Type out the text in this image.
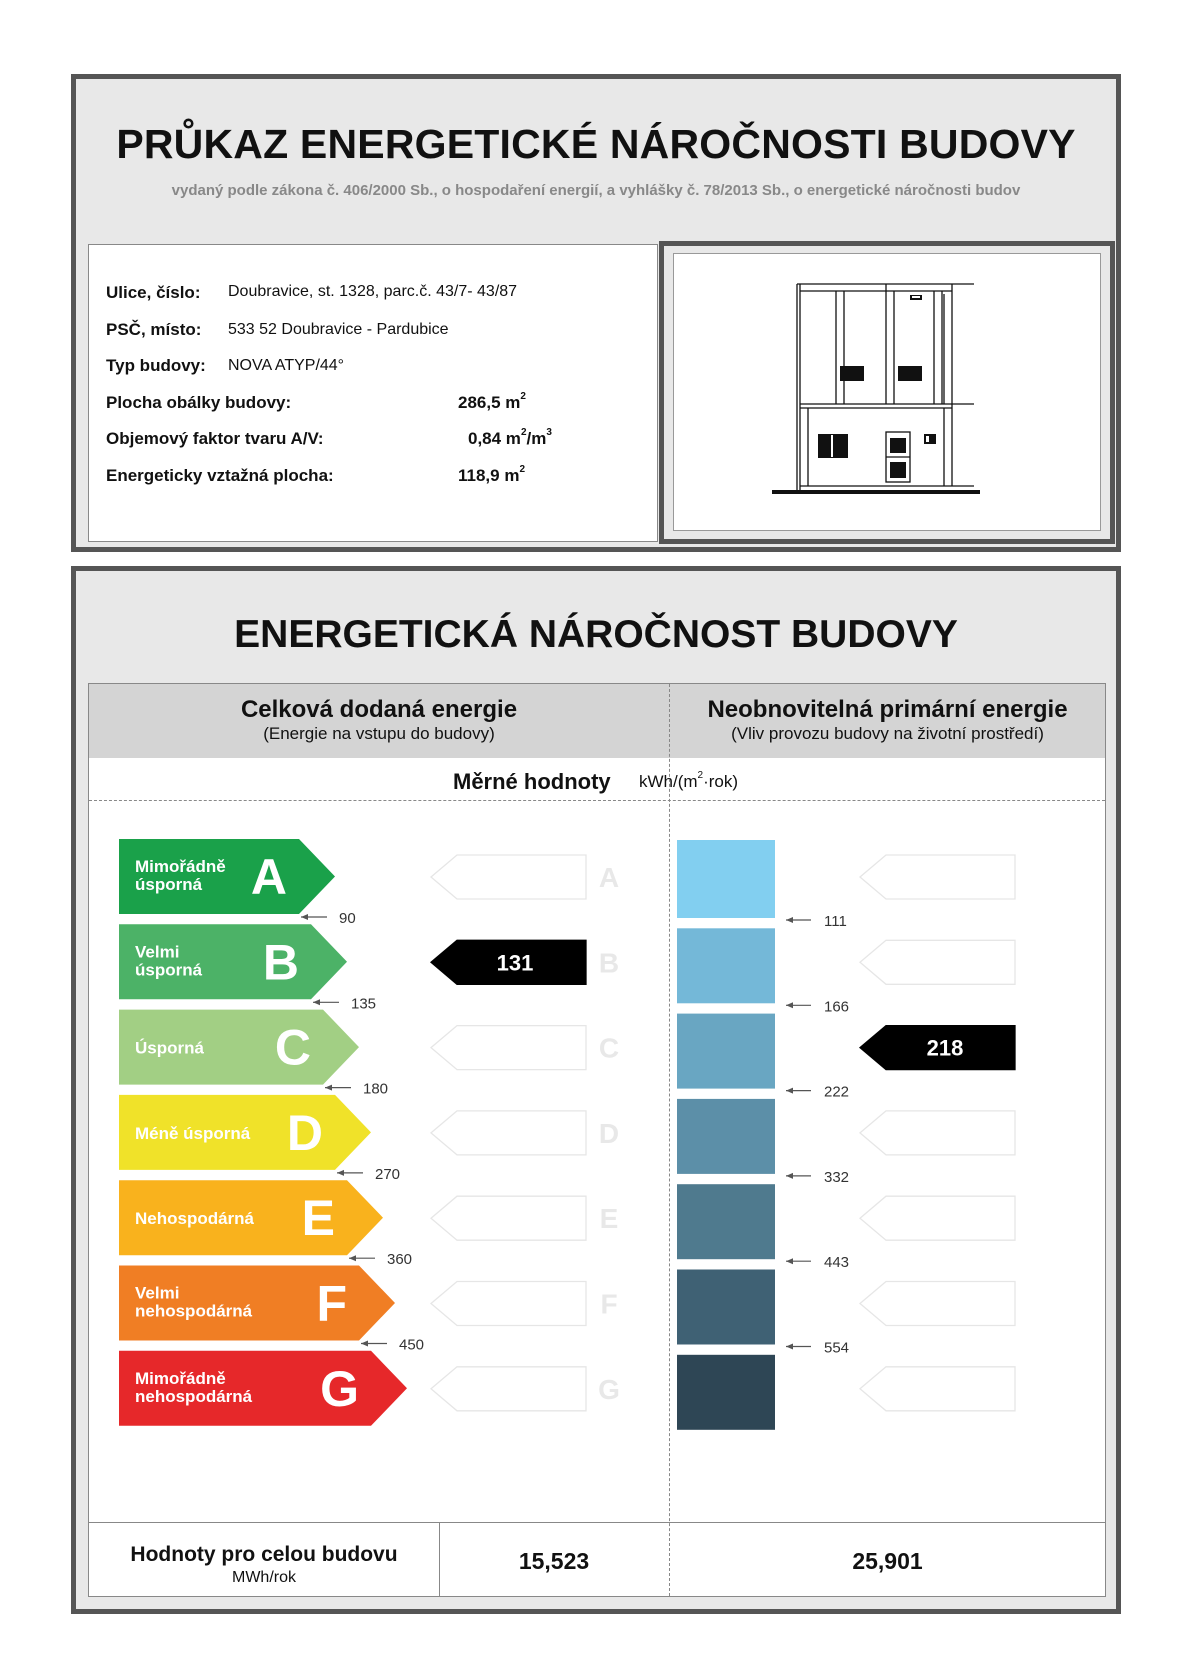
PRŮKAZ ENERGETICKÉ NÁROČNOSTI BUDOVY
vydaný podle zákona č. 406/2000 Sb., o hospodaření energií, a vyhlášky č. 78/2013 Sb., o energetické náročnosti budov
Ulice, číslo: Doubravice, st. 1328, parc.č. 43/7- 43/87
PSČ, místo: 533 52 Doubravice - Pardubice
Typ budovy: NOVA ATYP/44°
Plocha obálky budovy:	286,5 $m^2$
Objemový faktor tvaru A/V:	0,84 $m^2/m^3$
Energeticky vztažná plocha:	118,9 $m^2$
ENERGETICKÁ NÁROČNOST BUDOVY
Celková dodaná energie
(Energie na vstupu do budovy)
Neobnovitelná primární energie
(Vliv provozu budovy na životní prostředí)
Měrné hodnoty kWh/$(m^2\cdot rok)$
Mimořádně
úsporná A
90
A
111
Velmi
úsporná B
135
131 B
166
Úsporná C
180
C
222
218
Méně úsporná D
270
D
332
Nehospodárná E
360
E
443
Velmi
nehospodárná F
450
F
554
Mimořádně
nehospodárná G	G
Hodnoty pro celou budovu
MWh/rok
15,523	25,901
